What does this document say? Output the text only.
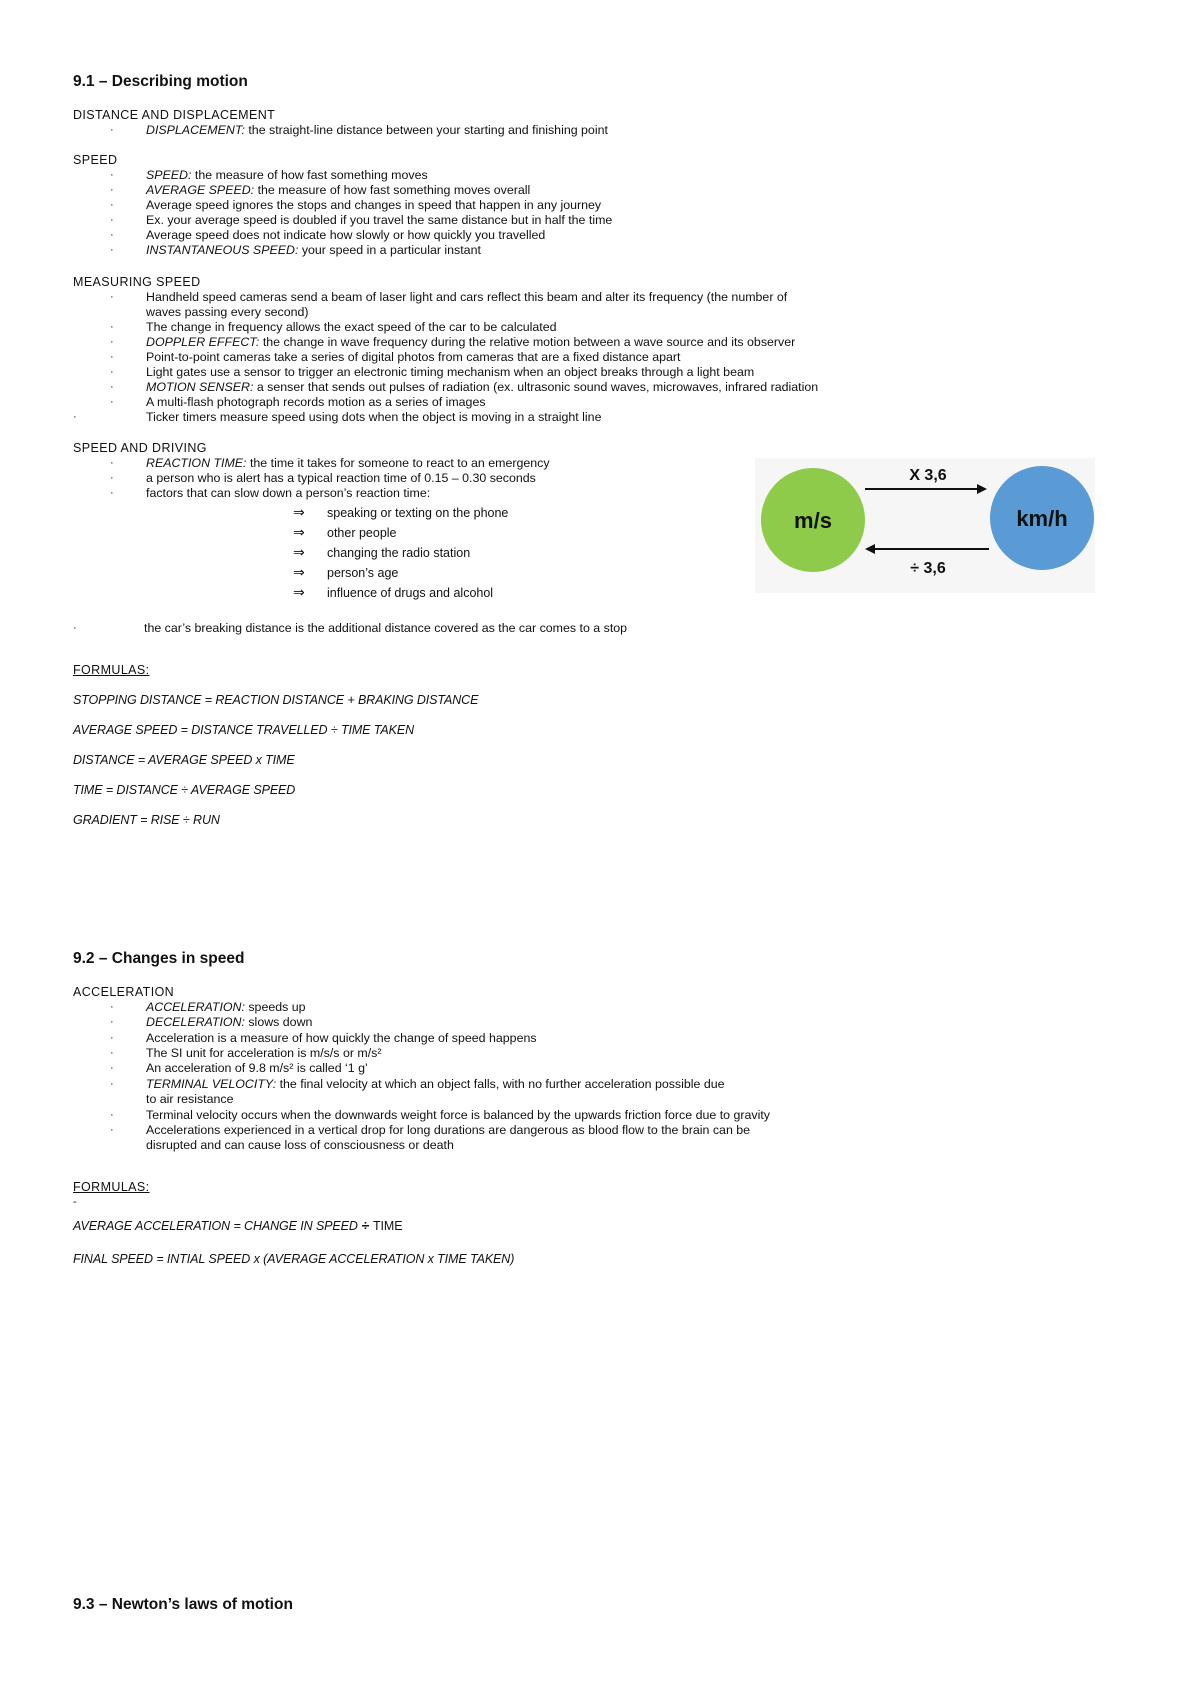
9.1 – Describing motion
DISTANCE AND DISPLACEMENT
·	DISPLACEMENT: the straight-line distance between your starting and finishing point
SPEED
·	SPEED: the measure of how fast something moves
·	AVERAGE SPEED: the measure of how fast something moves overall
·	Average speed ignores the stops and changes in speed that happen in any journey
·	Ex. your average speed is doubled if you travel the same distance but in half the time
·	Average speed does not indicate how slowly or how quickly you travelled
·	INSTANTANEOUS SPEED: your speed in a particular instant
MEASURING SPEED
·	Handheld speed cameras send a beam of laser light and cars reflect this beam and alter its frequency (the number of
waves passing every second)
·	The change in frequency allows the exact speed of the car to be calculated
·	DOPPLER EFFECT: the change in wave frequency during the relative motion between a wave source and its observer
·	Point-to-point cameras take a series of digital photos from cameras that are a fixed distance apart
·	Light gates use a sensor to trigger an electronic timing mechanism when an object breaks through a light beam
·	MOTION SENSER: a senser that sends out pulses of radiation (ex. ultrasonic sound waves, microwaves, infrared radiation
·	A multi-flash photograph records motion as a series of images
·	Ticker timers measure speed using dots when the object is moving in a straight line
SPEED AND DRIVING
·	REACTION TIME: the time it takes for someone to react to an emergency
·	a person who is alert has a typical reaction time of 0.15 – 0.30 seconds
·	factors that can slow down a person’s reaction time:
⇒ speaking or texting on the phone
⇒ other people
⇒ changing the radio station
⇒ person’s age
⇒ influence of drugs and alcohol
·	the car’s breaking distance is the additional distance covered as the car comes to a stop
m/s	km/h
X 3,6
÷ 3,6
FORMULAS:
STOPPING DISTANCE = REACTION DISTANCE + BRAKING DISTANCE
AVERAGE SPEED = DISTANCE TRAVELLED ÷ TIME TAKEN
DISTANCE = AVERAGE SPEED x TIME
TIME = DISTANCE ÷ AVERAGE SPEED
GRADIENT = RISE ÷ RUN
9.2 – Changes in speed
ACCELERATION
·	ACCELERATION: speeds up
·	DECELERATION: slows down
·	Acceleration is a measure of how quickly the change of speed happens
·	The SI unit for acceleration is m/s/s or m/s²
·	An acceleration of 9.8 m/s² is called ‘1 g’
·	TERMINAL VELOCITY: the final velocity at which an object falls, with no further acceleration possible due
to air resistance
·	Terminal velocity occurs when the downwards weight force is balanced by the upwards friction force due to gravity
·	Accelerations experienced in a vertical drop for long durations are dangerous as blood flow to the brain can be
disrupted and can cause loss of consciousness or death
FORMULAS:
-
AVERAGE ACCELERATION = CHANGE IN SPEED ÷ TIME
FINAL SPEED = INTIAL SPEED x (AVERAGE ACCELERATION x TIME TAKEN)
9.3 – Newton’s laws of motion
